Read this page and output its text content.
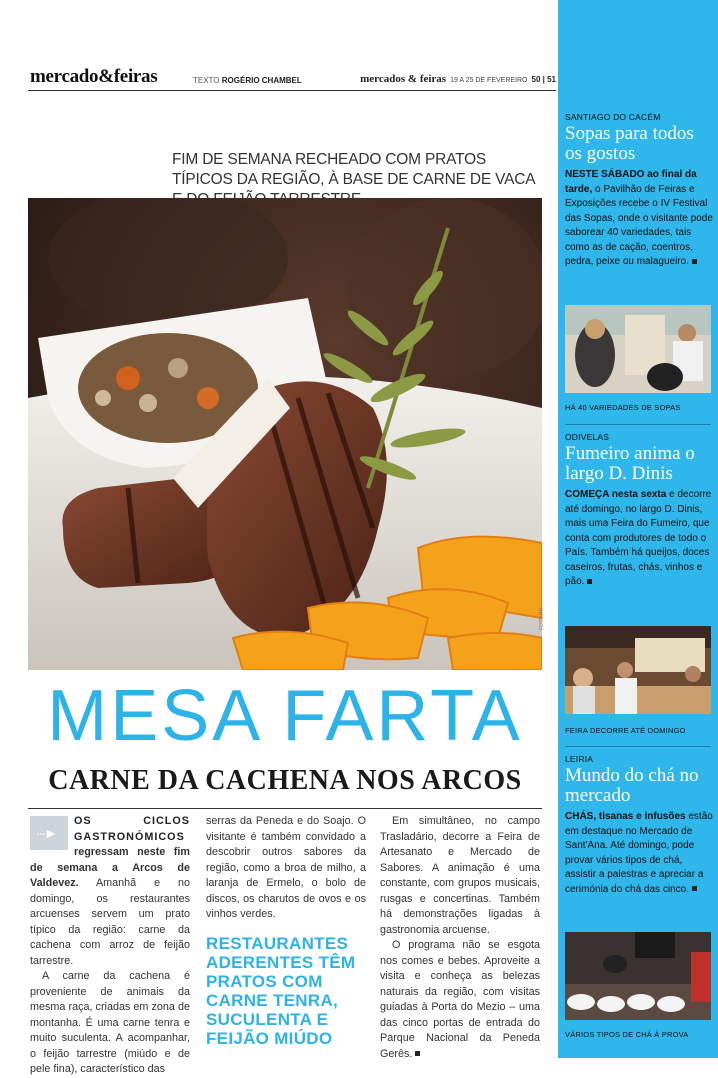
mercado&feiras	TEXTO ROGÉRIO CHAMBEL	mercados & feiras 19 A 25 DE FEVEREIRO 50 | 51
FIM DE SEMANA RECHEADO COM PRATOS TÍPICOS DA REGIÃO, À BASE DE CARNE DE VACA
FOTO DR
MESA FARTA
CARNE DA CACHENA NOS ARCOS

···►
OS CICLOS GASTRONÓMICOS regressam neste fim de semana a Arcos de Valdevez. Amanhã e no domingo, os restaurantes arcuenses servem um prato típico da região: carne da cachena com arroz de feijão tarrestre.

A carne da cachena é proveniente de animais da mesma raça, criadas em zona de montanha. É uma carne tenra e muito suculenta. A acompanhar, o feijão tarrestre (miúdo e de pele fina), característico das

serras da Peneda e do Soajo. O visitante é também convidado a descobrir outros sabores da região, como a broa de milho, a laranja de Ermelo, o bolo de discos, os charutos de ovos e os vinhos verdes.

RESTAURANTES ADERENTES TÊM PRATOS COM CARNE TENRA, SUCULENTA E FEIJÃO MIÚDO

Em simultâneo, no campo Trasladário, decorre a Feira de Artesanato e Mercado de Sabores. A animação é uma constante, com grupos musicais, rusgas e concertinas. Também há demonstrações ligadas à gastronomia arcuense.

O programa não se esgota nos comes e bebes. Aproveite a visita e conheça as belezas naturais da região, com visitas guiadas à Porta do Mezio – uma das cinco portas de entrada do Parque Nacional da Peneda Gerês.

SANTIAGO DO CACÉM
Sopas para todos os gostos
NESTE SÁBADO ao final da tarde, o Pavilhão de Feiras e Exposições recebe o IV Festival das Sopas, onde o visitante pode saborear 40 variedades, tais como as de cação, coentros, pedra, peixe ou malagueiro.
HÁ 40 VARIEDADES DE SOPAS
ODIVELAS
Fumeiro anima o largo D. Dinis
COMEÇA nesta sexta e decorre até domingo, no largo D. Dinis, mais uma Feira do Fumeiro, que conta com produtores de todo o País. Também há queijos, doces caseiros, frutas, chás, vinhos e pão.
FEIRA DECORRE ATÉ DOMINGO
LEIRIA
Mundo do chá no mercado
CHÁS, tisanas e infusões estão em destaque no Mercado de Sant'Ana. Até domingo, pode provar vários tipos de chá, assistir a palestras e apreciar a cerimónia do chá das cinco.
VÁRIOS TIPOS DE CHÁ À PROVA
